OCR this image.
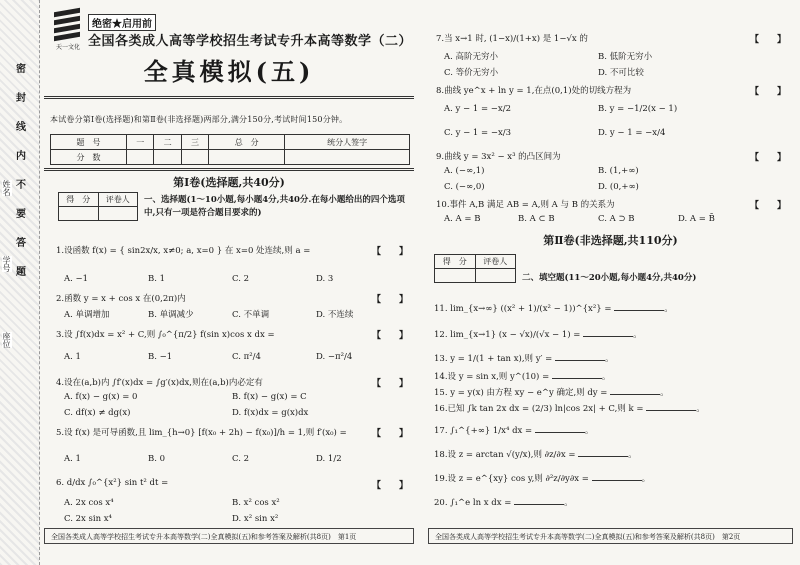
密
封
线
内
不
要
答
题
姓名
学号
座位
天一文化
绝密★启用前
全国各类成人高等学校招生考试专升本高等数学（二）
全真模拟(五)
本试卷分第Ⅰ卷(选择题)和第Ⅱ卷(非选择题)两部分,满分150分,考试时间150分钟。
题　号	一	二	三	总　分	统分人签字
分　数					
第Ⅰ卷(选择题,共40分)
得　分	评卷人
	一、选择题(1～10小题,每小题4分,共40分.在每小题给出的四个选项中,只有一项是符合题目要求的)
1.设函数 f(x) = { sin2x/x, x≠0; a, x=0 } 在 x=0 处连续,则 a =	【　　】
A. −1	B. 1	C. 2	D. 3
2.函数 y = x + cos x 在(0,2π)内	【　　】
A. 单调增加	B. 单调减少	C. 不单调	D. 不连续
3.设 ∫f(x)dx = x² + C,则 ∫₀^{π/2} f(sin x)cos x dx =	【　　】
A. 1	B. −1	C. π²/4	D. −π²/4
4.设在(a,b)内 ∫f′(x)dx = ∫g′(x)dx,则在(a,b)内必定有	【　　】
A. f(x) − g(x) = 0	B. f(x) − g(x) = C
C. df(x) ≠ dg(x)	D. f(x)dx = g(x)dx
5.设 f(x) 是可导函数,且 lim_{h→0} [f(x₀ + 2h) − f(x₀)]/h = 1,则 f′(x₀) =	【　　】
A. 1	B. 0	C. 2	D. 1/2
6. d/dx ∫₀^{x²} sin t² dt =	【　　】
A. 2x cos x⁴	B. x² cos x²
C. 2x sin x⁴	D. x² sin x²
全国各类成人高等学校招生考试专升本高等数学(二)全真模拟(五)和参考答案及解析(共8页)　第1页
7.当 x→1 时, (1−x)/(1+x) 是 1−√x 的	【　　】
A. 高阶无穷小	B. 低阶无穷小
C. 等价无穷小	D. 不可比较
8.曲线 ye^x + ln y = 1,在点(0,1)处的切线方程为	【　　】
A. y − 1 = −x/2	B. y = −1/2(x − 1)
C. y − 1 = −x/3	D. y − 1 = −x/4
9.曲线 y = 3x² − x³ 的凸区间为	【　　】
A. (−∞,1)	B. (1,+∞)
C. (−∞,0)	D. (0,+∞)
10.事件 A,B 满足 AB = A,则 A 与 B 的关系为	【　　】
A. A = B	B. A ⊂ B	C. A ⊃ B	D. A = B̄
第Ⅱ卷(非选择题,共110分)
得　分	评卷人

二、填空题(11～20小题,每小题4分,共40分)
11. lim_{x→∞} ((x² + 1)/(x² − 1))^{x²} =	。
12. lim_{x→1} (x − √x)/(√x − 1) =	。
13. y = 1/(1 + tan x),则 y′ =	。
14.设 y = sin x,则 y^(10) =	。
15. y = y(x) 由方程 xy − e^y 确定,则 dy =	。
16.已知 ∫k tan 2x dx = (2/3) ln|cos 2x| + C,则 k =	。
17. ∫₁^{+∞} 1/x⁴ dx =	。
18.设 z = arctan √(y/x),则 ∂z/∂x =	。
19.设 z = e^{xy} cos y,则 ∂²z/∂y∂x =	。
20. ∫₁^e ln x dx =	。
全国各类成人高等学校招生考试专升本高等数学(二)全真模拟(五)和参考答案及解析(共8页)　第2页
